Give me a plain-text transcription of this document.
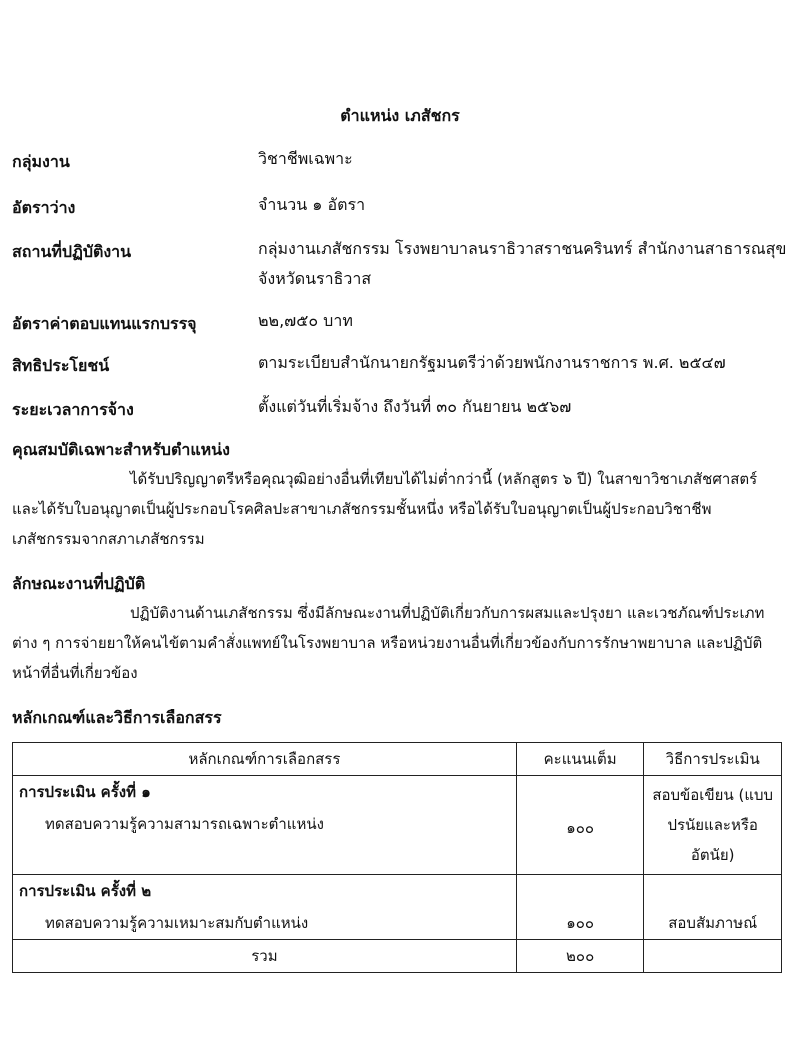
ตำแหน่ง เภสัชกร
กลุ่มงาน	วิชาชีพเฉพาะ
อัตราว่าง	จำนวน ๑ อัตรา
สถานที่ปฏิบัติงาน	กลุ่มงานเภสัชกรรม โรงพยาบาลนราธิวาสราชนครินทร์ สำนักงานสาธารณสุขจังหวัดนราธิวาส
อัตราค่าตอบแทนแรกบรรจุ	๒๒,๗๕๐ บาท
สิทธิประโยชน์	ตามระเบียบสำนักนายกรัฐมนตรีว่าด้วยพนักงานราชการ พ.ศ. ๒๕๔๗
ระยะเวลาการจ้าง	ตั้งแต่วันที่เริ่มจ้าง ถึงวันที่ ๓๐ กันยายน ๒๕๖๗
คุณสมบัติเฉพาะสำหรับตำแหน่ง
ได้รับปริญญาตรีหรือคุณวุฒิอย่างอื่นที่เทียบได้ไม่ต่ำกว่านี้ (หลักสูตร ๖ ปี) ในสาขาวิชาเภสัชศาสตร์และได้รับใบอนุญาตเป็นผู้ประกอบโรคศิลปะสาขาเภสัชกรรมชั้นหนึ่ง หรือได้รับใบอนุญาตเป็นผู้ประกอบวิชาชีพเภสัชกรรมจากสภาเภสัชกรรม
ลักษณะงานที่ปฏิบัติ
ปฏิบัติงานด้านเภสัชกรรม ซึ่งมีลักษณะงานที่ปฏิบัติเกี่ยวกับการผสมและปรุงยา และเวชภัณฑ์ประเภทต่าง ๆ การจ่ายยาให้คนไข้ตามคำสั่งแพทย์ในโรงพยาบาล หรือหน่วยงานอื่นที่เกี่ยวข้องกับการรักษาพยาบาล และปฏิบัติหน้าที่อื่นที่เกี่ยวข้อง
หลักเกณฑ์และวิธีการเลือกสรร
หลักเกณฑ์การเลือกสรร	คะแนนเต็ม	วิธีการประเมิน

การประเมิน ครั้งที่ ๑
ทดสอบความรู้ความสามารถเฉพาะตำแหน่ง	๑๐๐	สอบข้อเขียน (แบบปรนัยและหรืออัตนัย)

การประเมิน ครั้งที่ ๒
ทดสอบความรู้ความเหมาะสมกับตำแหน่ง	๑๐๐	สอบสัมภาษณ์
รวม	๒๐๐	
